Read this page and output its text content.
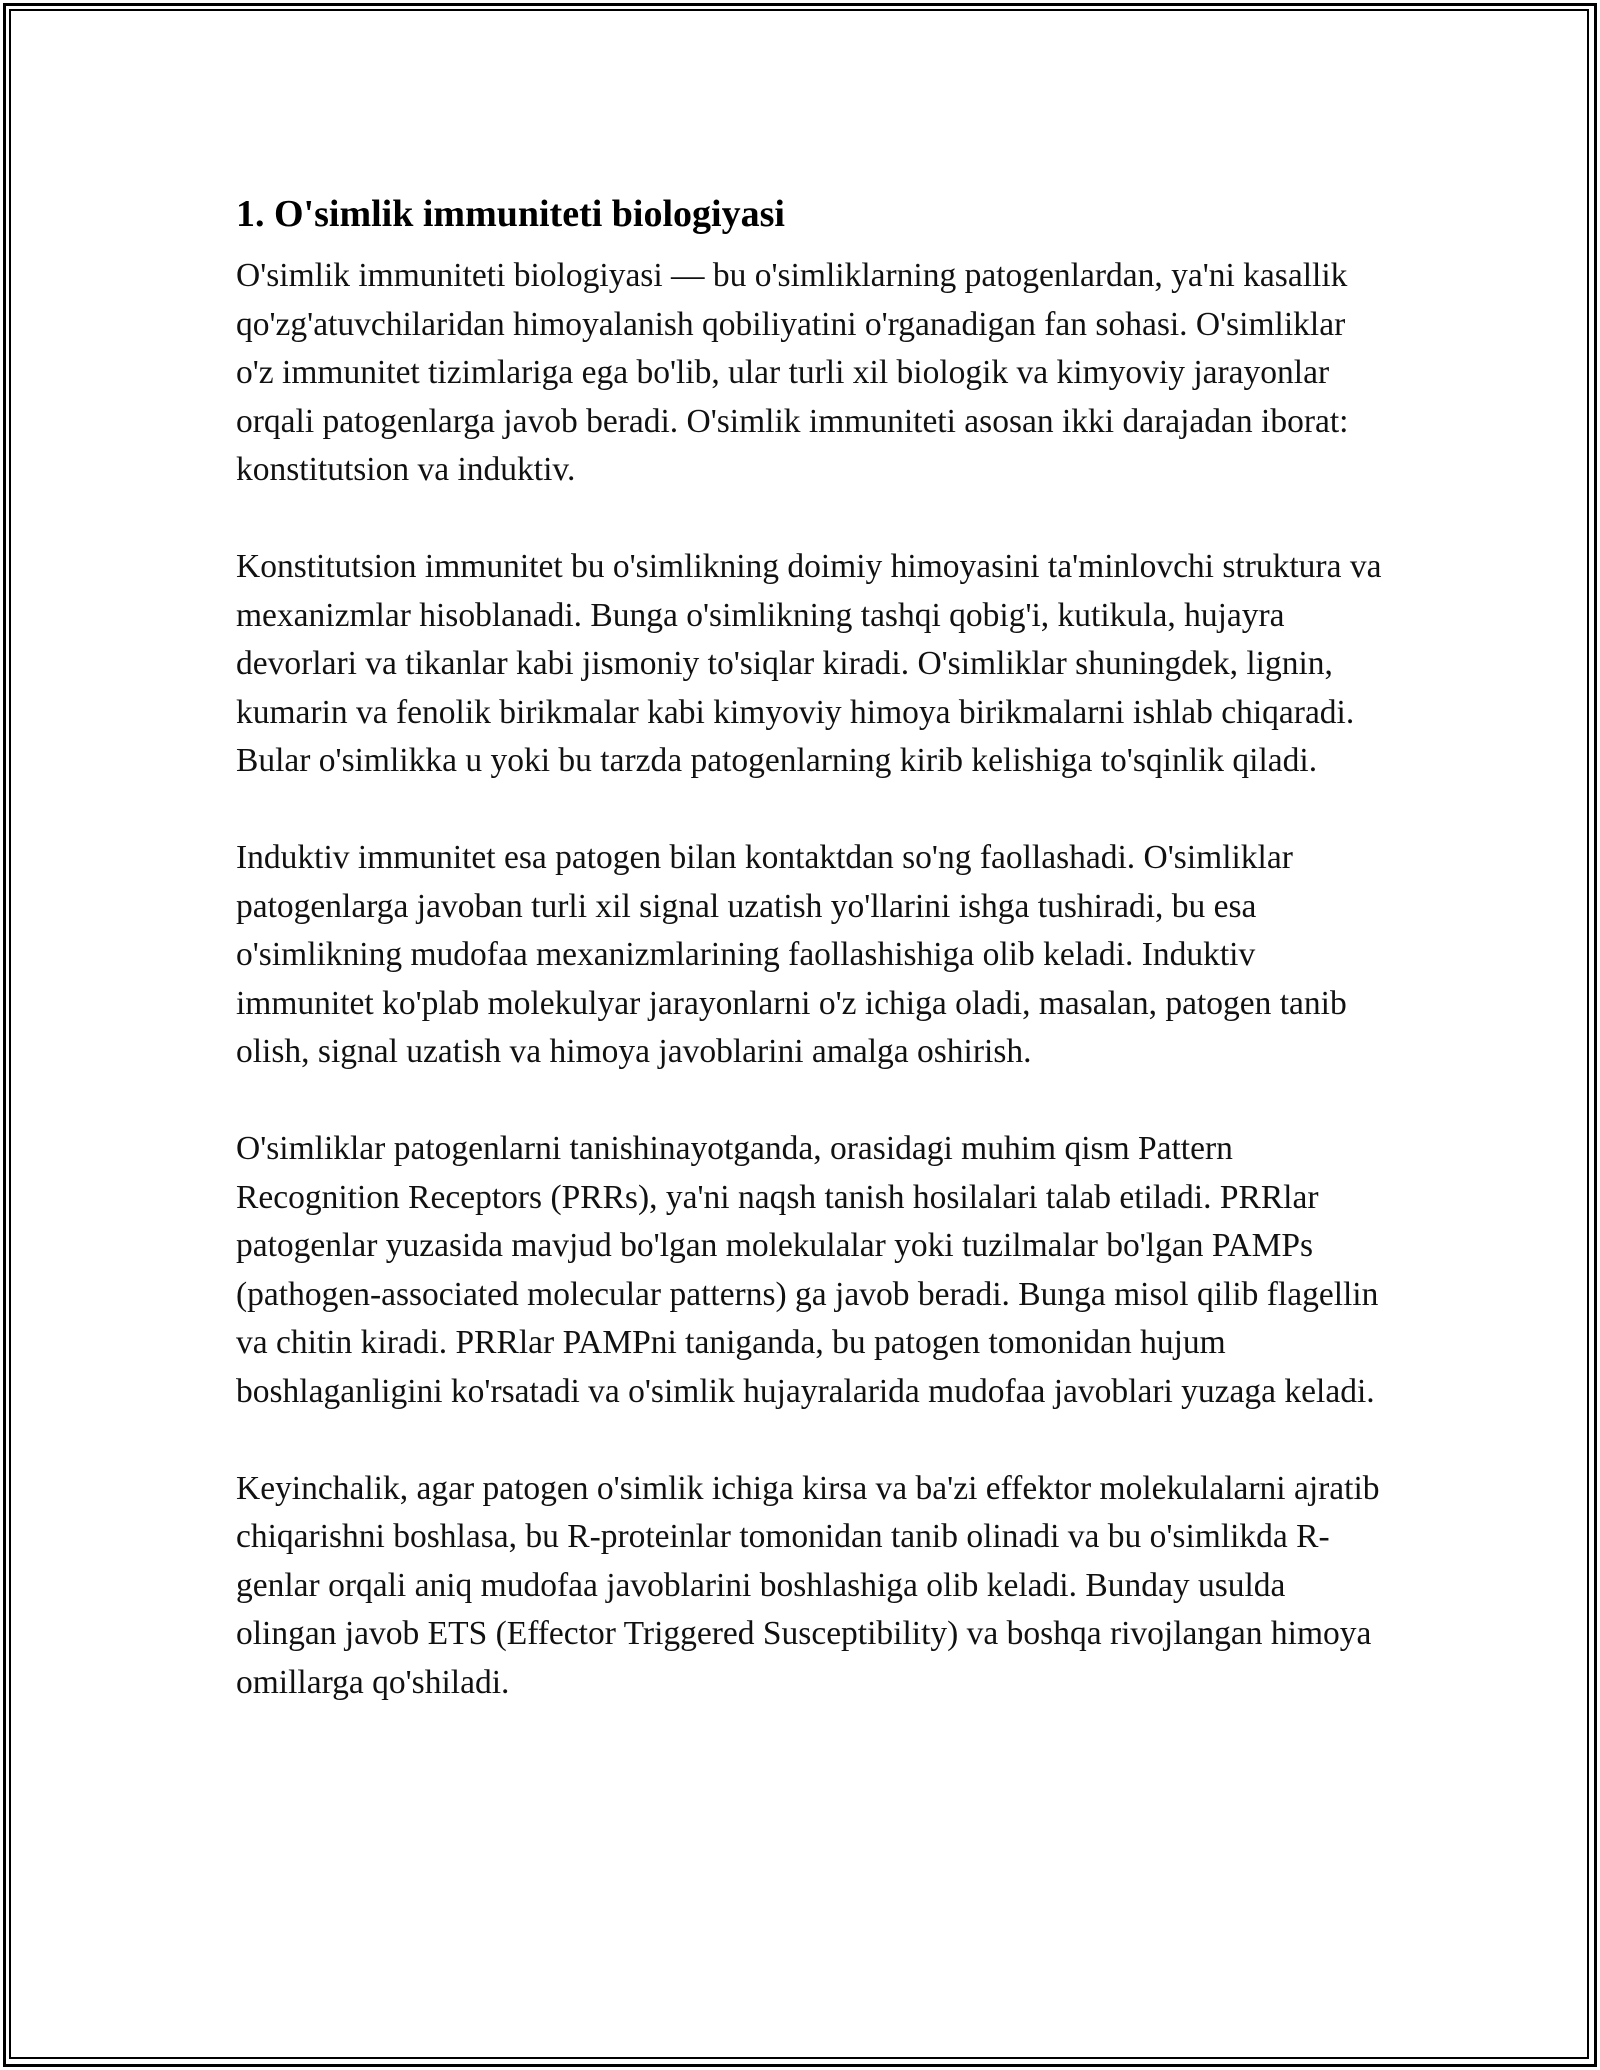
1. O'simlik immuniteti biologiyasi

O'simlik immuniteti biologiyasi — bu o'simliklarning patogenlardan, ya'ni kasallik qo'zg'atuvchilaridan himoyalanish qobiliyatini o'rganadigan fan sohasi. O'simliklar o'z immunitet tizimlariga ega bo'lib, ular turli xil biologik va kimyoviy jarayonlar orqali patogenlarga javob beradi. O'simlik immuniteti asosan ikki darajadan iborat: konstitutsion va induktiv.

Konstitutsion immunitet bu o'simlikning doimiy himoyasini ta'minlovchi struktura va mexanizmlar hisoblanadi. Bunga o'simlikning tashqi qobig'i, kutikula, hujayra devorlari va tikanlar kabi jismoniy to'siqlar kiradi. O'simliklar shuningdek, lignin, kumarin va fenolik birikmalar kabi kimyoviy himoya birikmalarni ishlab chiqaradi. Bular o'simlikka u yoki bu tarzda patogenlarning kirib kelishiga to'sqinlik qiladi.

Induktiv immunitet esa patogen bilan kontaktdan so'ng faollashadi. O'simliklar patogenlarga javoban turli xil signal uzatish yo'llarini ishga tushiradi, bu esa o'simlikning mudofaa mexanizmlarining faollashishiga olib keladi. Induktiv immunitet ko'plab molekulyar jarayonlarni o'z ichiga oladi, masalan, patogen tanib olish, signal uzatish va himoya javoblarini amalga oshirish.

O'simliklar patogenlarni tanishinayotganda, orasidagi muhim qism Pattern Recognition Receptors (PRRs), ya'ni naqsh tanish hosilalari talab etiladi. PRRlar patogenlar yuzasida mavjud bo'lgan molekulalar yoki tuzilmalar bo'lgan PAMPs (pathogen-associated molecular patterns) ga javob beradi. Bunga misol qilib flagellin va chitin kiradi. PRRlar PAMPni taniganda, bu patogen tomonidan hujum boshlaganligini ko'rsatadi va o'simlik hujayralarida mudofaa javoblari yuzaga keladi.

Keyinchalik, agar patogen o'simlik ichiga kirsa va ba'zi effektor molekulalarni ajratib chiqarishni boshlasa, bu R-proteinlar tomonidan tanib olinadi va bu o'simlikda R-genlar orqali aniq mudofaa javoblarini boshlashiga olib keladi. Bunday usulda olingan javob ETS (Effector Triggered Susceptibility) va boshqa rivojlangan himoya omillarga qo'shiladi.
